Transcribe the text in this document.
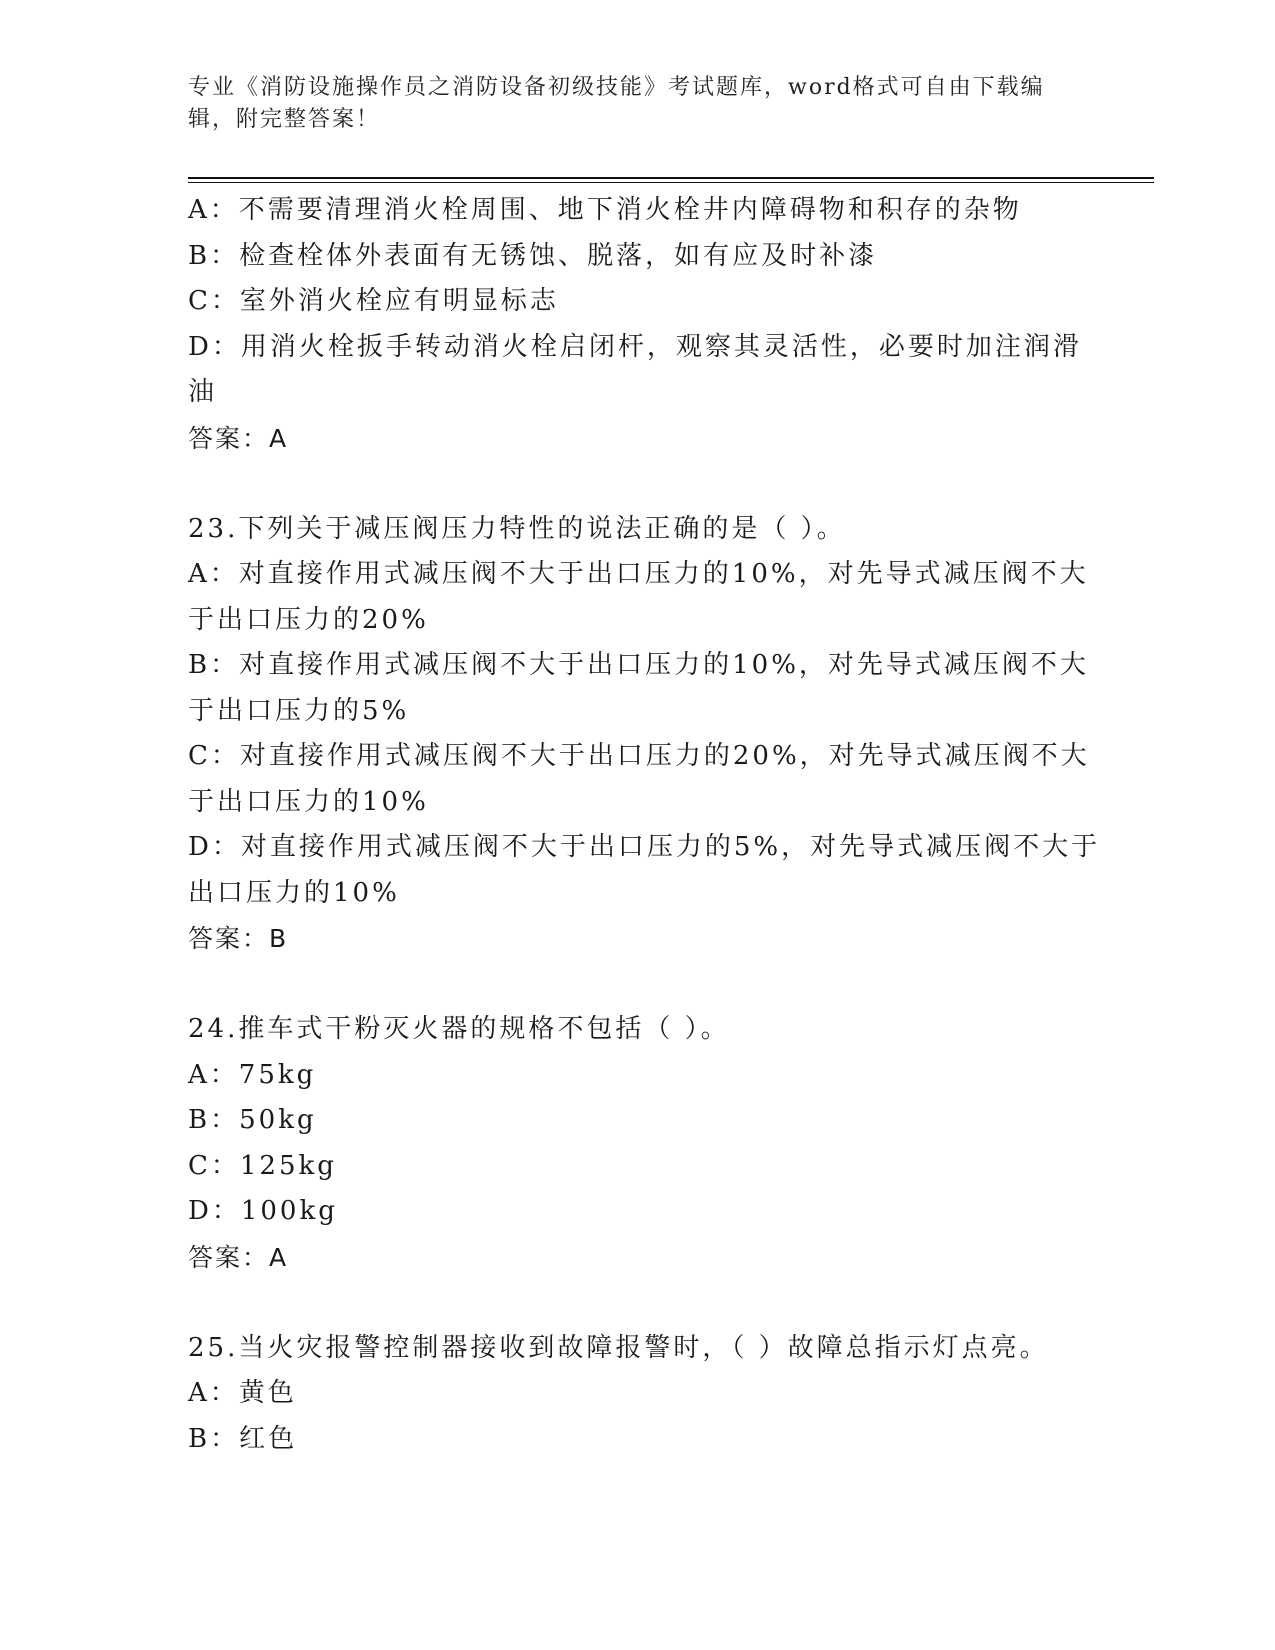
专业《消防设施操作员之消防设备初级技能》考试题库，word格式可自由下载编
辑，附完整答案！

A：不需要清理消火栓周围、地下消火栓井内障碍物和积存的杂物

B：检查栓体外表面有无锈蚀、脱落，如有应及时补漆

C：室外消火栓应有明显标志

D：用消火栓扳手转动消火栓启闭杆，观察其灵活性，必要时加注润滑

油

答案：A

23.下列关于减压阀压力特性的说法正确的是（ ）。

A：对直接作用式减压阀不大于出口压力的10%，对先导式减压阀不大

于出口压力的20%

B：对直接作用式减压阀不大于出口压力的10%，对先导式减压阀不大

于出口压力的5%

C：对直接作用式减压阀不大于出口压力的20%，对先导式减压阀不大

于出口压力的10%

D：对直接作用式减压阀不大于出口压力的5%，对先导式减压阀不大于

出口压力的10%

答案：B

24.推车式干粉灭火器的规格不包括（ ）。

A：75kg

B：50kg

C：125kg

D：100kg

答案：A

25.当火灾报警控制器接收到故障报警时，（ ）故障总指示灯点亮。

A：黄色

B：红色
